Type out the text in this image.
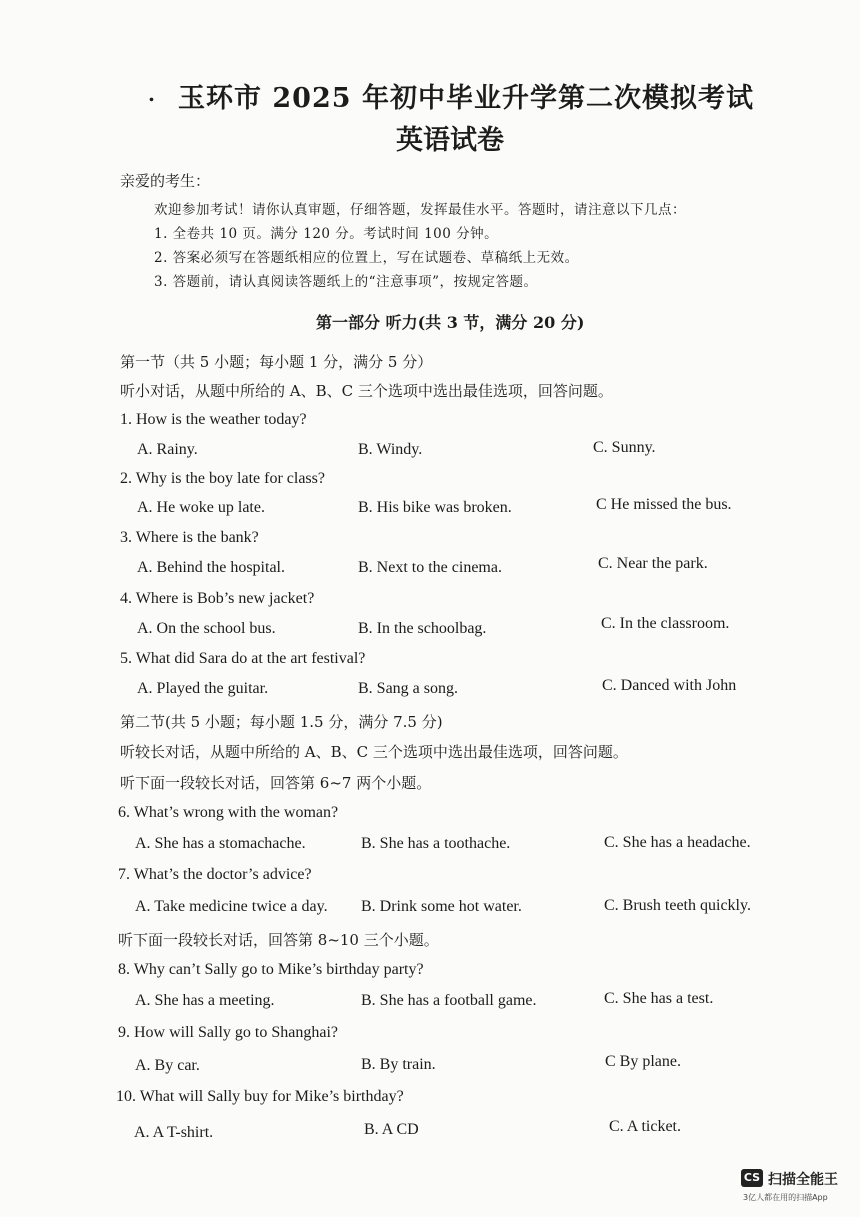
. 玉环市 2025 年初中毕业升学第二次模拟考试
英语试卷
亲爱的考生：
欢迎参加考试！请你认真审题，仔细答题，发挥最佳水平。答题时，请注意以下几点：
1. 全卷共 10 页。满分 120 分。考试时间 100 分钟。
2. 答案必须写在答题纸相应的位置上，写在试题卷、草稿纸上无效。
3. 答题前，请认真阅读答题纸上的“注意事项”，按规定答题。
第一部分 听力(共 3 节，满分 20 分)
第一节（共 5 小题；每小题 1 分，满分 5 分）
听小对话，从题中所给的 A、B、C 三个选项中选出最佳选项，回答问题。
1. How is the weather today?
A. Rainy.	B. Windy.	C. Sunny.
2. Why is the boy late for class?
A. He woke up late.	B. His bike was broken.	C He missed the bus.
3. Where is the bank?
A. Behind the hospital.	B. Next to the cinema.	C. Near the park.
4. Where is Bob’s new jacket?
A. On the school bus.	B. In the schoolbag.	C. In the classroom.
5. What did Sara do at the art festival?
A. Played the guitar.	B. Sang a song.	C. Danced with John
第二节(共 5 小题；每小题 1.5 分，满分 7.5 分)
听较长对话，从题中所给的 A、B、C 三个选项中选出最佳选项，回答问题。
听下面一段较长对话，回答第 6~7 两个小题。
6. What’s wrong with the woman?
A. She has a stomachache.	B. She has a toothache.	C. She has a headache.
7. What’s the doctor’s advice?
A. Take medicine twice a day. B. Drink some hot water.	C. Brush teeth quickly.
听下面一段较长对话，回答第 8~10 三个小题。
8. Why can’t Sally go to Mike’s birthday party?
A. She has a meeting.	B. She has a football game.	C. She has a test.
9. How will Sally go to Shanghai?
A. By car.	B. By train.	C By plane.
10. What will Sally buy for Mike’s birthday?
A. A T-shirt.	B. A CD	C. A ticket.
CS 扫描全能王
3亿人都在用的扫描App
